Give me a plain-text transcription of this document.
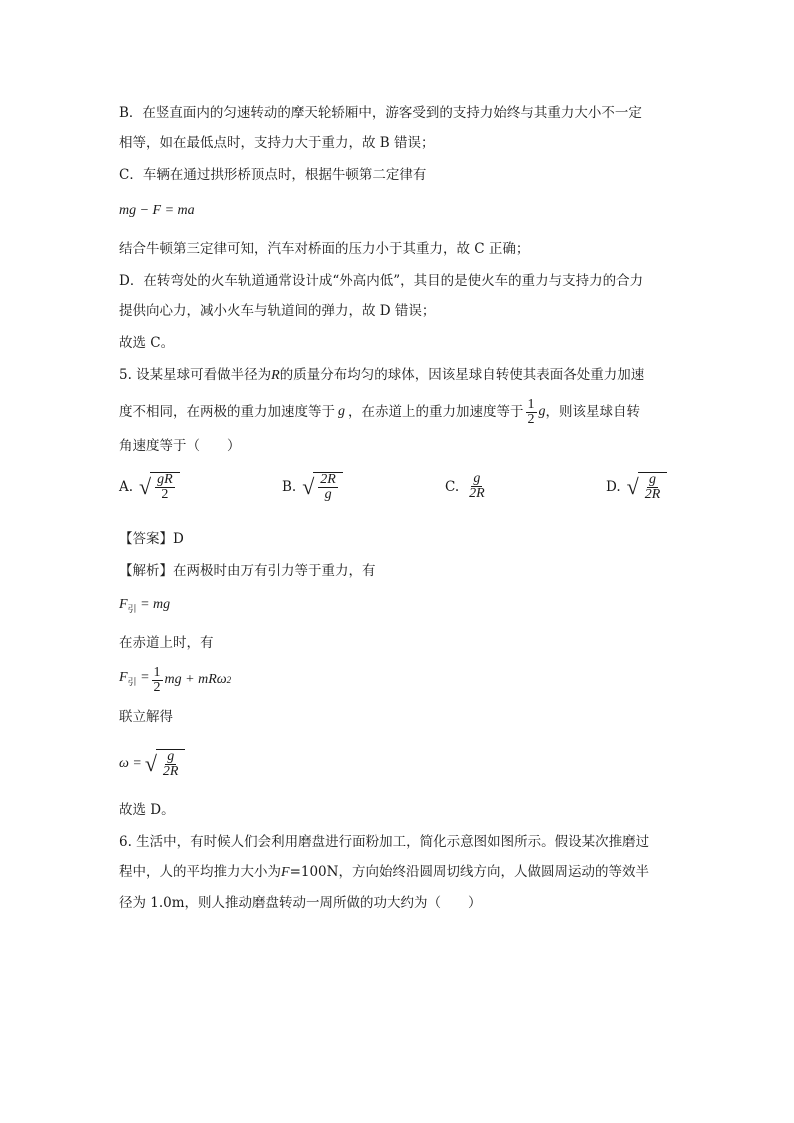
B．在竖直面内的匀速转动的摩天轮轿厢中，游客受到的支持力始终与其重力大小不一定
相等，如在最低点时，支持力大于重力，故 B 错误；
C．车辆在通过拱形桥顶点时，根据牛顿第二定律有
mg − F = ma
结合牛顿第三定律可知，汽车对桥面的压力小于其重力，故 C 正确；
D．在转弯处的火车轨道通常设计成“外高内低”，其目的是使火车的重力与支持力的合力
提供向心力，减小火车与轨道间的弹力，故 D 错误；
故选 C。
5. 设某星球可看做半径为R的质量分布均匀的球体，因该星球自转使其表面各处重力加速
度不相同，在两极的重力加速度等于 g ，在赤道上的重力加速度等于 $\frac{1}{2}$ g ，则该星球自转
角速度等于（　　）
A. √ $\frac{gR}{2}$	B. √ $\frac{2R}{g}$	C. $\frac{g}{2R}$	D. √ $\frac{g}{2R}$
【答案】D
【解析】在两极时由万有引力等于重力，有
$F_引$ = mg
在赤道上时，有
$F_引 = \frac{1}{2}$ mg + mRω 2
联立解得
ω = √ $\frac{g}{2R}$
故选 D。
6. 生活中，有时候人们会利用磨盘进行面粉加工，简化示意图如图所示。假设某次推磨过
程中，人的平均推力大小为F=100N，方向始终沿圆周切线方向，人做圆周运动的等效半
径为 1.0m，则人推动磨盘转动一周所做的功大约为（　　）
